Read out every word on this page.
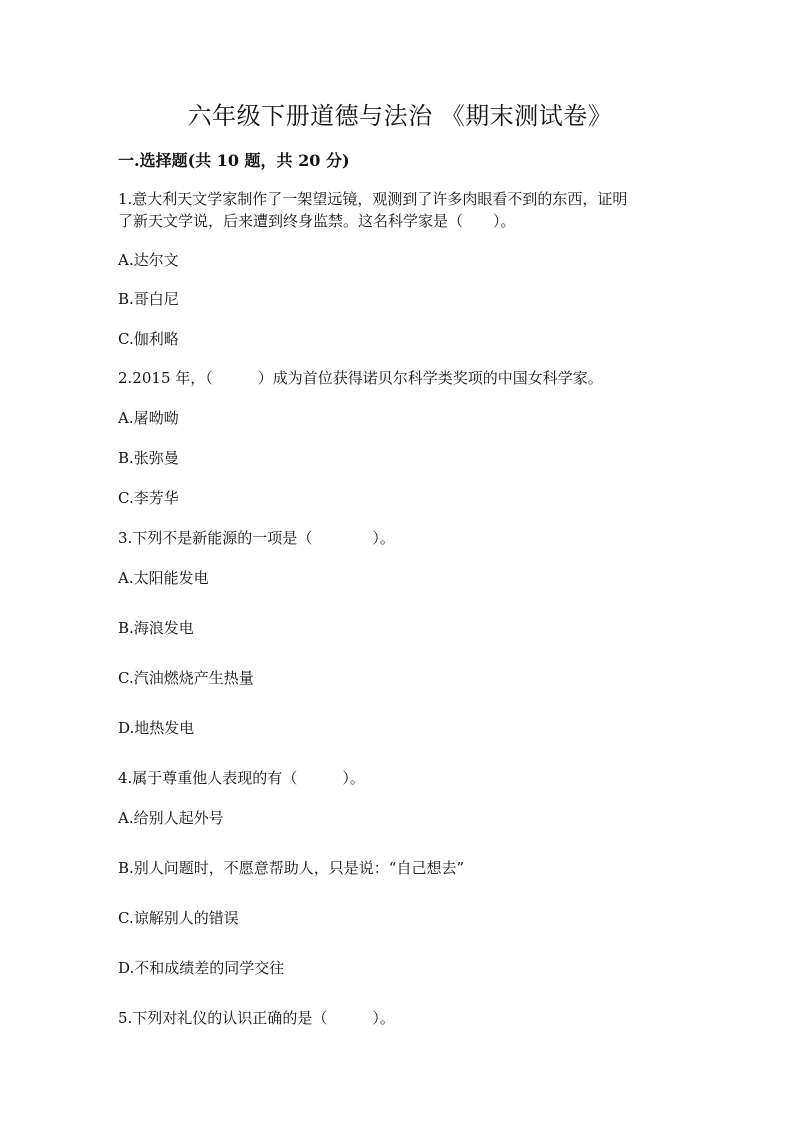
六年级下册道德与法治 《期末测试卷》
一.选择题(共 10 题，共 20 分)
1.意大利天文学家制作了一架望远镜，观测到了许多肉眼看不到的东西，证明
了新天文学说，后来遭到终身监禁。这名科学家是（　　）。
A.达尔文
B.哥白尼
C.伽利略
2.2015 年，（　　　）成为首位获得诺贝尔科学类奖项的中国女科学家。
A.屠呦呦
B.张弥曼
C.李芳华
3.下列不是新能源的一项是（　　　　）。
A.太阳能发电
B.海浪发电
C.汽油燃烧产生热量
D.地热发电
4.属于尊重他人表现的有（　　　）。
A.给别人起外号
B.别人问题时，不愿意帮助人，只是说：“自己想去”
C.谅解别人的错误
D.不和成绩差的同学交往
5.下列对礼仪的认识正确的是（　　　）。
